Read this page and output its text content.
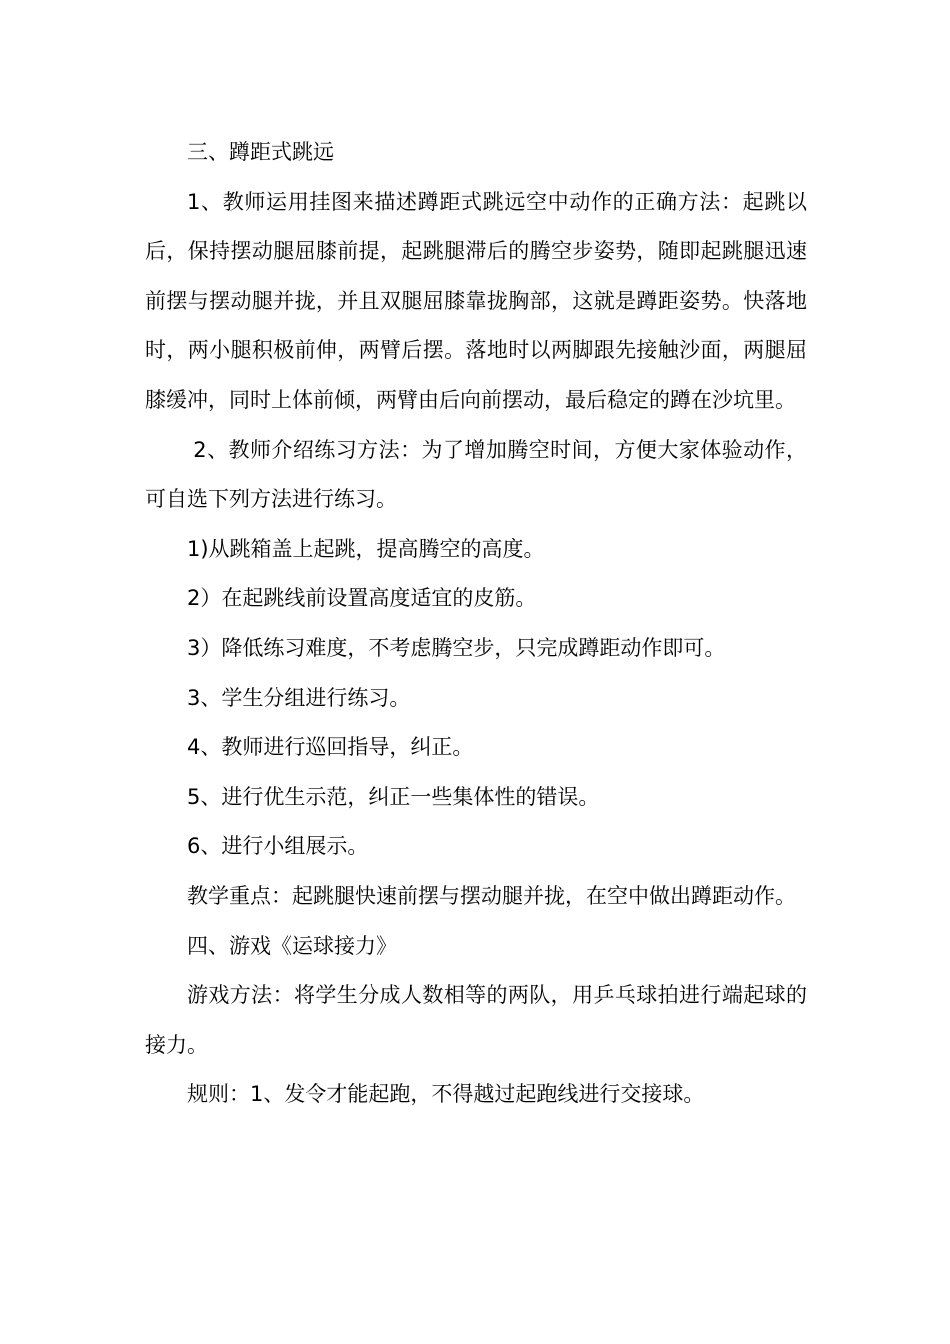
三、蹲距式跳远

1、教师运用挂图来描述蹲距式跳远空中动作的正确方法：起跳以后，保持摆动腿屈膝前提，起跳腿滞后的腾空步姿势，随即起跳腿迅速前摆与摆动腿并拢，并且双腿屈膝靠拢胸部，这就是蹲距姿势。快落地时，两小腿积极前伸，两臂后摆。落地时以两脚跟先接触沙面，两腿屈膝缓冲，同时上体前倾，两臂由后向前摆动，最后稳定的蹲在沙坑里。

2、教师介绍练习方法：为了增加腾空时间，方便大家体验动作，可自选下列方法进行练习。

1)从跳箱盖上起跳，提高腾空的高度。

2）在起跳线前设置高度适宜的皮筋。

3）降低练习难度，不考虑腾空步，只完成蹲距动作即可。

3、学生分组进行练习。

4、教师进行巡回指导，纠正。

5、进行优生示范，纠正一些集体性的错误。

6、进行小组展示。

教学重点：起跳腿快速前摆与摆动腿并拢，在空中做出蹲距动作。

四、游戏《运球接力》

游戏方法：将学生分成人数相等的两队，用乒乓球拍进行端起球的接力。

规则：1、发令才能起跑，不得越过起跑线进行交接球。
